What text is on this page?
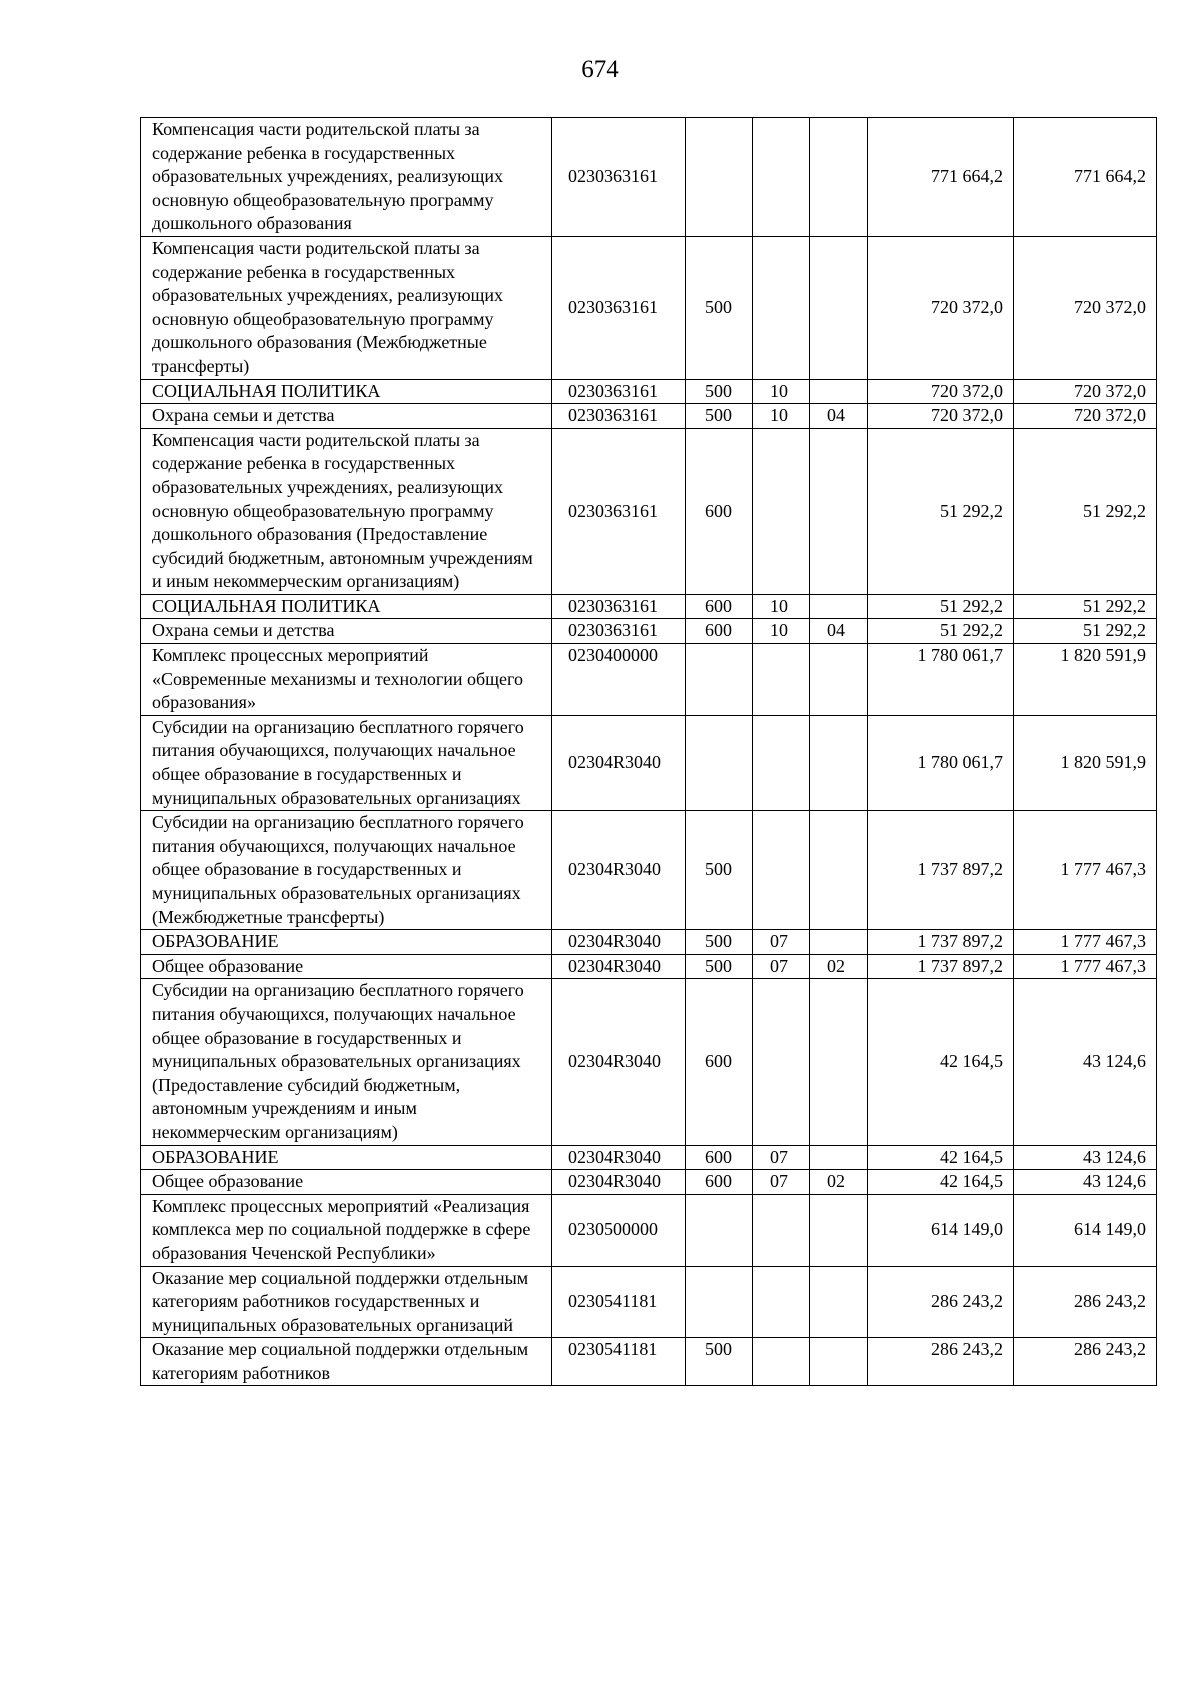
674
Компенсация части родительской платы за содержание ребенка в государственных образовательных учреждениях, реализующих основную общеобразовательную программу дошкольного образования	0230363161				771 664,2	771 664,2
Компенсация части родительской платы за содержание ребенка в государственных образовательных учреждениях, реализующих основную общеобразовательную программу дошкольного образования (Межбюджетные трансферты)	0230363161	500			720 372,0	720 372,0
СОЦИАЛЬНАЯ ПОЛИТИКА	0230363161	500	10		720 372,0	720 372,0
Охрана семьи и детства	0230363161	500	10	04	720 372,0	720 372,0
Компенсация части родительской платы за содержание ребенка в государственных образовательных учреждениях, реализующих основную общеобразовательную программу дошкольного образования (Предоставление субсидий бюджетным, автономным учреждениям и иным некоммерческим организациям)	0230363161	600			51 292,2	51 292,2
СОЦИАЛЬНАЯ ПОЛИТИКА	0230363161	600	10		51 292,2	51 292,2
Охрана семьи и детства	0230363161	600	10	04	51 292,2	51 292,2
Комплекс процессных мероприятий «Современные механизмы и технологии общего образования»	0230400000				1 780 061,7	1 820 591,9
Субсидии на организацию бесплатного горячего питания обучающихся, получающих начальное общее образование в государственных и муниципальных образовательных организациях	02304R3040				1 780 061,7	1 820 591,9
Субсидии на организацию бесплатного горячего питания обучающихся, получающих начальное общее образование в государственных и муниципальных образовательных организациях (Межбюджетные трансферты)	02304R3040	500			1 737 897,2	1 777 467,3
ОБРАЗОВАНИЕ	02304R3040	500	07		1 737 897,2	1 777 467,3
Общее образование	02304R3040	500	07	02	1 737 897,2	1 777 467,3
Субсидии на организацию бесплатного горячего питания обучающихся, получающих начальное общее образование в государственных и муниципальных образовательных организациях (Предоставление субсидий бюджетным, автономным учреждениям и иным некоммерческим организациям)	02304R3040	600			42 164,5	43 124,6
ОБРАЗОВАНИЕ	02304R3040	600	07		42 164,5	43 124,6
Общее образование	02304R3040	600	07	02	42 164,5	43 124,6
Комплекс процессных мероприятий «Реализация комплекса мер по социальной поддержке в сфере образования Чеченской Республики»	0230500000				614 149,0	614 149,0
Оказание мер социальной поддержки отдельным категориям работников государственных и муниципальных образовательных организаций	0230541181				286 243,2	286 243,2
Оказание мер социальной поддержки отдельным категориям работников	0230541181	500			286 243,2	286 243,2
